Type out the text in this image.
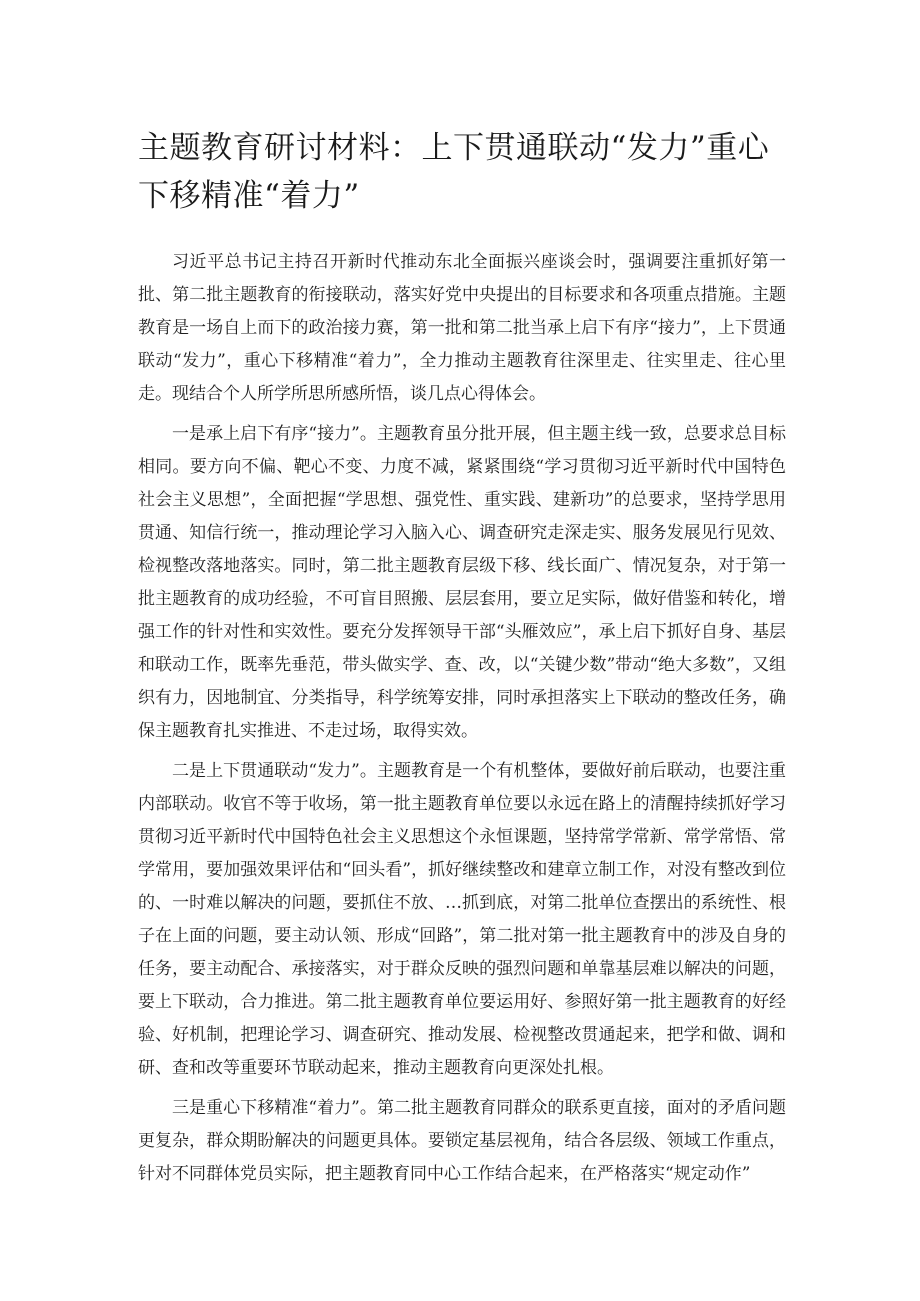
主题教育研讨材料：上下贯通联动“发力”重心下移精准“着力”

习近平总书记主持召开新时代推动东北全面振兴座谈会时，强调要注重抓好第一批、第二批主题教育的衔接联动，落实好党中央提出的目标要求和各项重点措施。主题教育是一场自上而下的政治接力赛，第一批和第二批当承上启下有序“接力”，上下贯通联动“发力”，重心下移精准“着力”，全力推动主题教育往深里走、往实里走、往心里走。现结合个人所学所思所感所悟，谈几点心得体会。

一是承上启下有序“接力”。主题教育虽分批开展，但主题主线一致，总要求总目标相同。要方向不偏、靶心不变、力度不减，紧紧围绕“学习贯彻习近平新时代中国特色社会主义思想”，全面把握“学思想、强党性、重实践、建新功”的总要求，坚持学思用贯通、知信行统一，推动理论学习入脑入心、调查研究走深走实、服务发展见行见效、检视整改落地落实。同时，第二批主题教育层级下移、线长面广、情况复杂，对于第一批主题教育的成功经验，不可盲目照搬、层层套用，要立足实际，做好借鉴和转化，增强工作的针对性和实效性。要充分发挥领导干部“头雁效应”，承上启下抓好自身、基层和联动工作，既率先垂范，带头做实学、查、改，以“关键少数”带动“绝大多数”，又组织有力，因地制宜、分类指导，科学统筹安排，同时承担落实上下联动的整改任务，确保主题教育扎实推进、不走过场，取得实效。

二是上下贯通联动“发力”。主题教育是一个有机整体，要做好前后联动，也要注重内部联动。收官不等于收场，第一批主题教育单位要以永远在路上的清醒持续抓好学习贯彻习近平新时代中国特色社会主义思想这个永恒课题，坚持常学常新、常学常悟、常学常用，要加强效果评估和“回头看”，抓好继续整改和建章立制工作，对没有整改到位的、一时难以解决的问题，要抓住不放、…抓到底，对第二批单位查摆出的系统性、根子在上面的问题，要主动认领、形成“回路”，第二批对第一批主题教育中的涉及自身的任务，要主动配合、承接落实，对于群众反映的强烈问题和单靠基层难以解决的问题，要上下联动，合力推进。第二批主题教育单位要运用好、参照好第一批主题教育的好经验、好机制，把理论学习、调查研究、推动发展、检视整改贯通起来，把学和做、调和研、查和改等重要环节联动起来，推动主题教育向更深处扎根。

三是重心下移精准“着力”。第二批主题教育同群众的联系更直接，面对的矛盾问题更复杂，群众期盼解决的问题更具体。要锁定基层视角，结合各层级、领域工作重点，针对不同群体党员实际，把主题教育同中心工作结合起来，在严格落实“规定动作”
